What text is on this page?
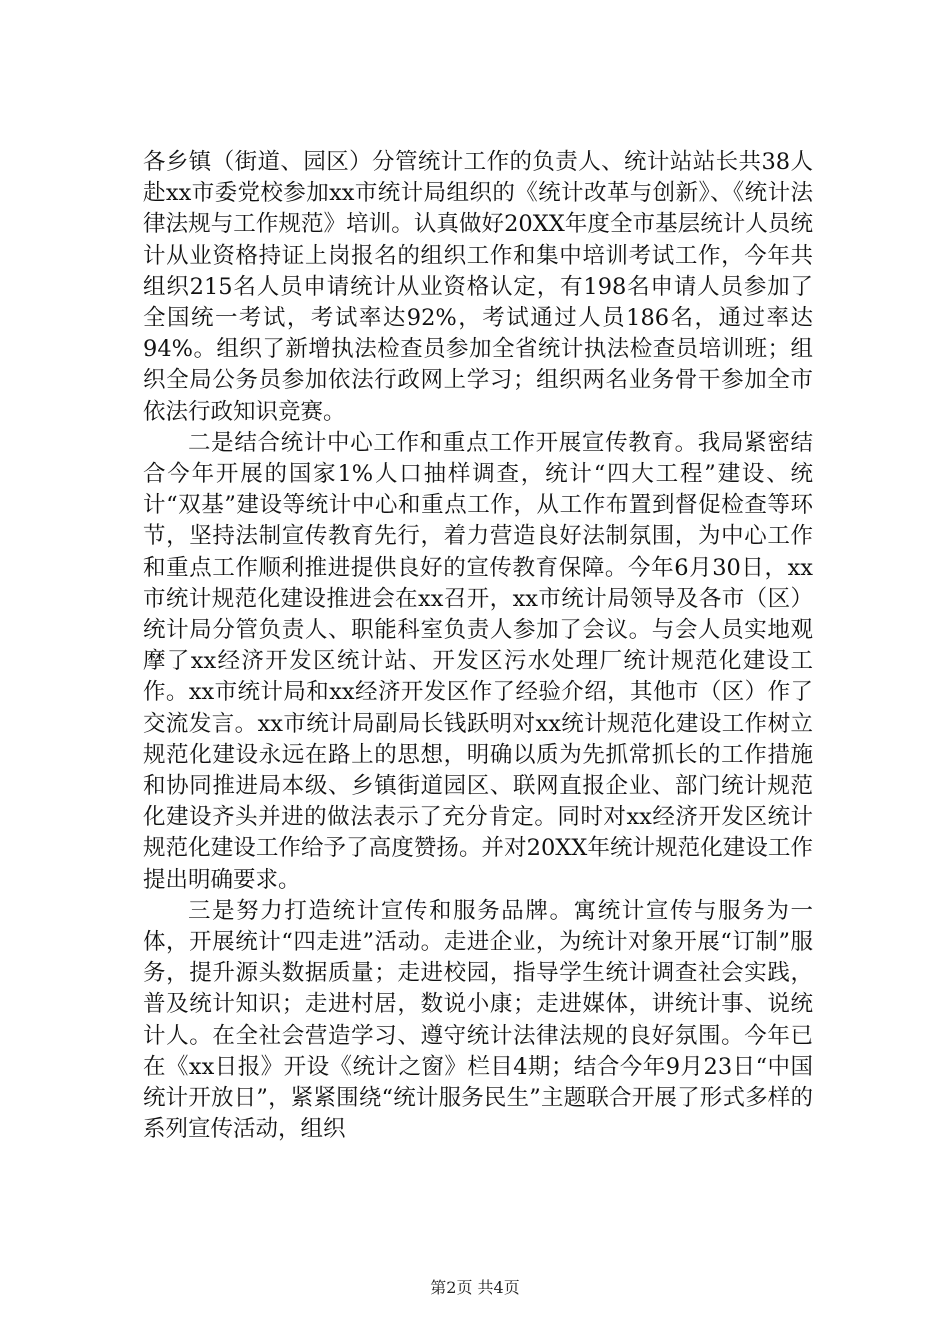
各乡镇（街道、园区）分管统计工作的负责人、统计站站长共38人赴xx市委党校参加xx市统计局组织的《统计改革与创新》、《统计法律法规与工作规范》培训。认真做好20XX年度全市基层统计人员统计从业资格持证上岗报名的组织工作和集中培训考试工作，今年共组织215名人员申请统计从业资格认定，有198名申请人员参加了全国统一考试，考试率达92%，考试通过人员186名，通过率达94%。组织了新增执法检查员参加全省统计执法检查员培训班；组织全局公务员参加依法行政网上学习；组织两名业务骨干参加全市依法行政知识竞赛。

二是结合统计中心工作和重点工作开展宣传教育。我局紧密结合今年开展的国家1%人口抽样调查，统计“四大工程”建设、统计“双基”建设等统计中心和重点工作，从工作布置到督促检查等环节，坚持法制宣传教育先行，着力营造良好法制氛围，为中心工作和重点工作顺利推进提供良好的宣传教育保障。今年6月30日，xx市统计规范化建设推进会在xx召开，xx市统计局领导及各市（区）统计局分管负责人、职能科室负责人参加了会议。与会人员实地观摩了xx经济开发区统计站、开发区污水处理厂统计规范化建设工作。xx市统计局和xx经济开发区作了经验介绍，其他市（区）作了交流发言。xx市统计局副局长钱跃明对xx统计规范化建设工作树立规范化建设永远在路上的思想，明确以质为先抓常抓长的工作措施和协同推进局本级、乡镇街道园区、联网直报企业、部门统计规范化建设齐头并进的做法表示了充分肯定。同时对xx经济开发区统计规范化建设工作给予了高度赞扬。并对20XX年统计规范化建设工作提出明确要求。

三是努力打造统计宣传和服务品牌。寓统计宣传与服务为一体，开展统计“四走进”活动。走进企业，为统计对象开展“订制”服务，提升源头数据质量；走进校园，指导学生统计调查社会实践，普及统计知识；走进村居，数说小康；走进媒体，讲统计事、说统计人。在全社会营造学习、遵守统计法律法规的良好氛围。今年已在《xx日报》开设《统计之窗》栏目4期；结合今年9月23日“中国统计开放日”，紧紧围绕“统计服务民生”主题联合开展了形式多样的系列宣传活动，组织

第2页 共4页
